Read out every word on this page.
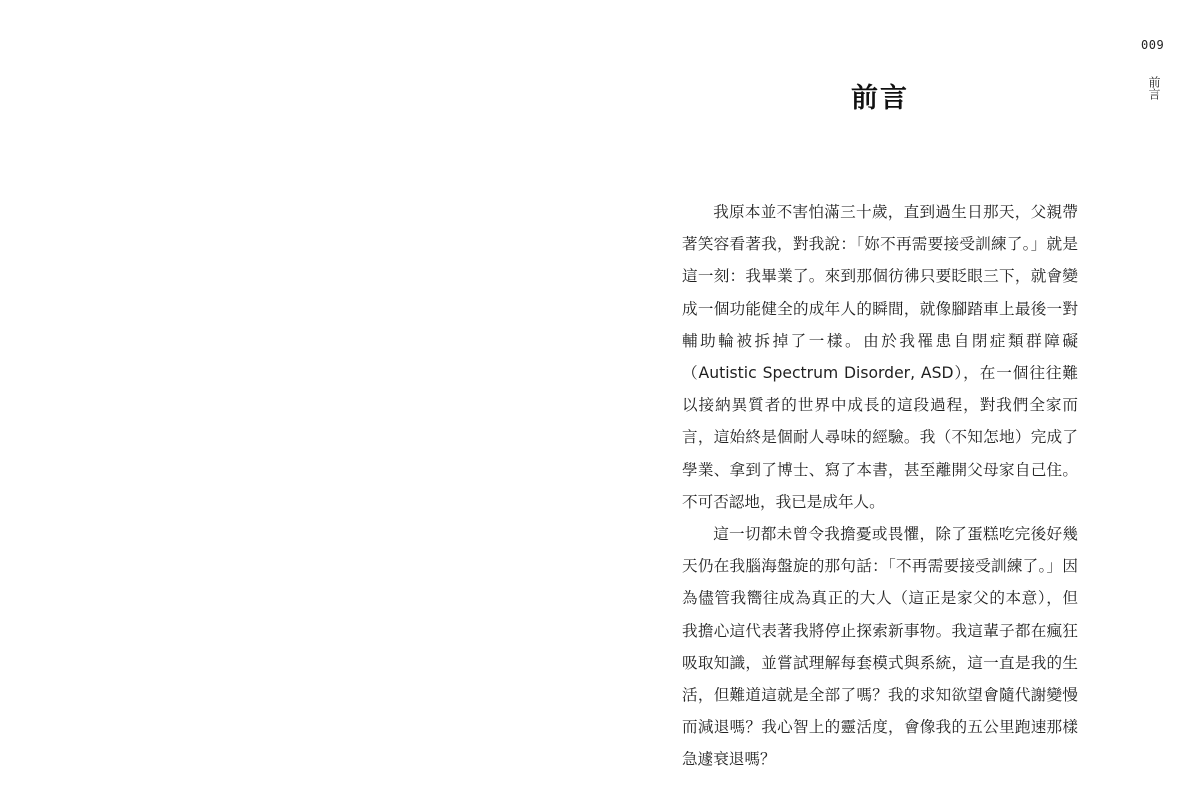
009
前言
前言

我原本並不害怕滿三十歲，直到過生日那天，父親帶著笑容看著我，對我說：「妳不再需要接受訓練了。」就是這一刻：我畢業了。來到那個彷彿只要眨眼三下，就會變成一個功能健全的成年人的瞬間，就像腳踏車上最後一對輔助輪被拆掉了一樣。由於我罹患自閉症類群障礙（Autistic Spectrum Disorder, ASD），在一個往往難以接納異質者的世界中成長的這段過程，對我們全家而言，這始終是個耐人尋味的經驗。我（不知怎地）完成了學業、拿到了博士、寫了本書，甚至離開父母家自己住。不可否認地，我已是成年人。

這一切都未曾令我擔憂或畏懼，除了蛋糕吃完後好幾天仍在我腦海盤旋的那句話：「不再需要接受訓練了。」因為儘管我嚮往成為真正的大人（這正是家父的本意），但我擔心這代表著我將停止探索新事物。我這輩子都在瘋狂吸取知識，並嘗試理解每套模式與系統，這一直是我的生活，但難道這就是全部了嗎？我的求知欲望會隨代謝變慢而減退嗎？我心智上的靈活度，會像我的五公里跑速那樣急遽衰退嗎？
